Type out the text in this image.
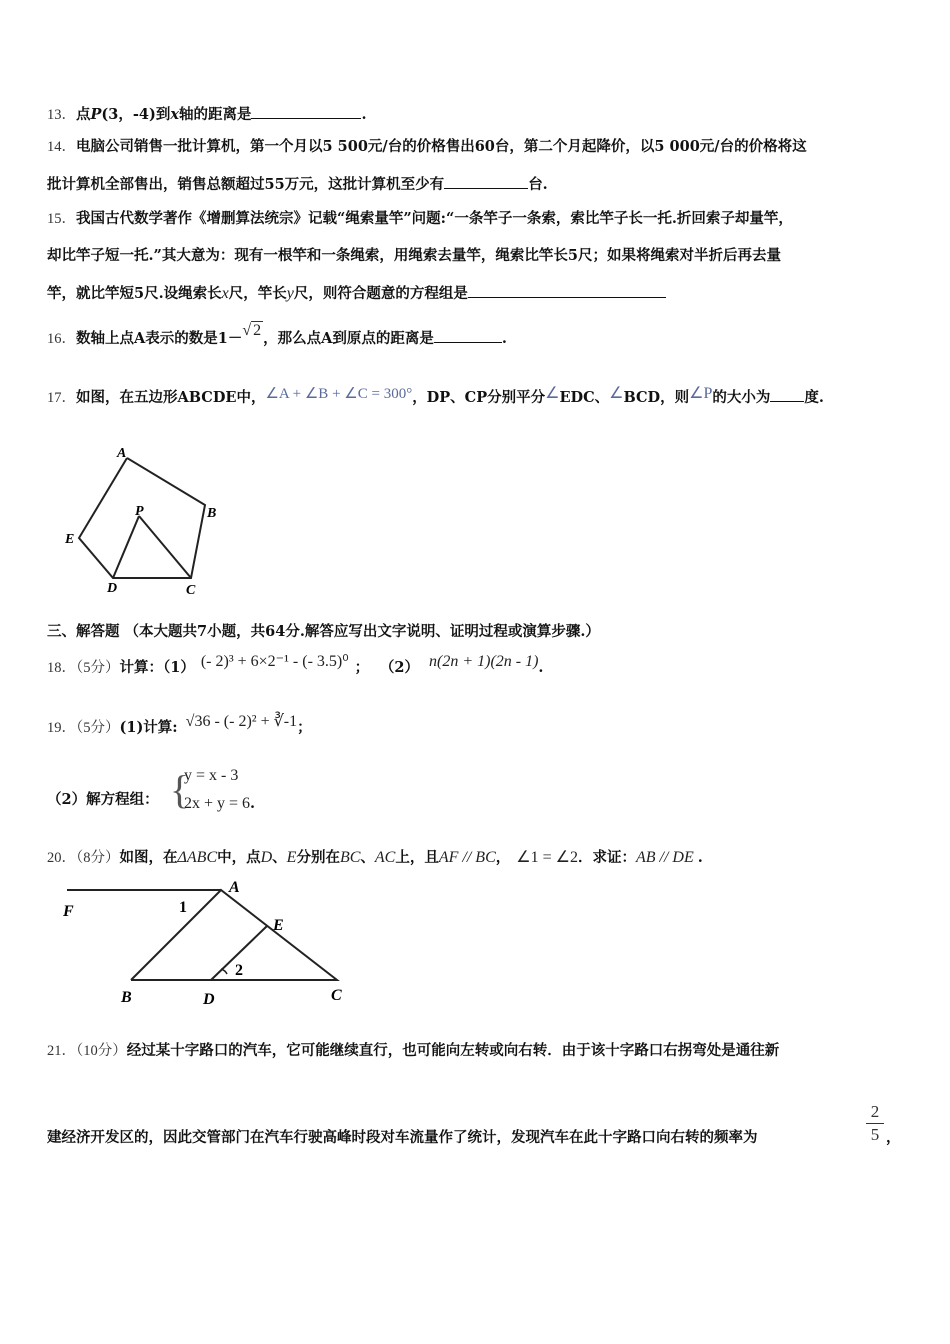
13．点P(3，-4)到x轴的距离是	.
14．电脑公司销售一批计算机，第一个月以5 500元/台的价格售出60台，第二个月起降价，以5 000元/台的价格将这
批计算机全部售出，销售总额超过55万元，这批计算机至少有	台.
15．我国古代数学著作《增删算法统宗》记载“绳索量竿”问题:“一条竿子一条索，索比竿子长一托.折回索子却量竿，
却比竿子短一托.”其大意为：现有一根竿和一条绳索，用绳索去量竿，绳索比竿长5尺；如果将绳索对半折后再去量
竿，就比竿短5尺.设绳索长x尺，竿长y尺，则符合题意的方程组是
16．数轴上点A表示的数是1－√ 2 ，那么点A到原点的距离是	.
17．如图，在五边形ABCDE中，∠A + ∠B + ∠C = 300°，DP、CP分别平分∠EDC、∠BCD，则∠P的大小为 度.
A
B
C
D
E
P
三、解答题 （本大题共7小题，共64分.解答应写出文字说明、证明过程或演算步骤.）
18．（5分）计算：（1） (- 2)³ + 6×2⁻¹ - (- 3.5)⁰ ； （2） n(2n + 1)(2n - 1).
19．（5分）(1)计算: √36 - (- 2)² + ∛-1；
（2）解方程组： {
y = x - 3
2x + y = 6.
20．（8分）如图，在ΔABC中，点D、E分别在BC、AC上，且AF // BC， ∠1 = ∠2．求证：AB // DE .
A
B	C
D
E
F	1
2
21．（10分）经过某十字路口的汽车，它可能继续直行，也可能向左转或向右转．由于该十字路口右拐弯处是通往新
建经济开发区的，因此交管部门在汽车行驶高峰时段对车流量作了统计，发现汽车在此十字路口向右转的频率为
2
5 ，
